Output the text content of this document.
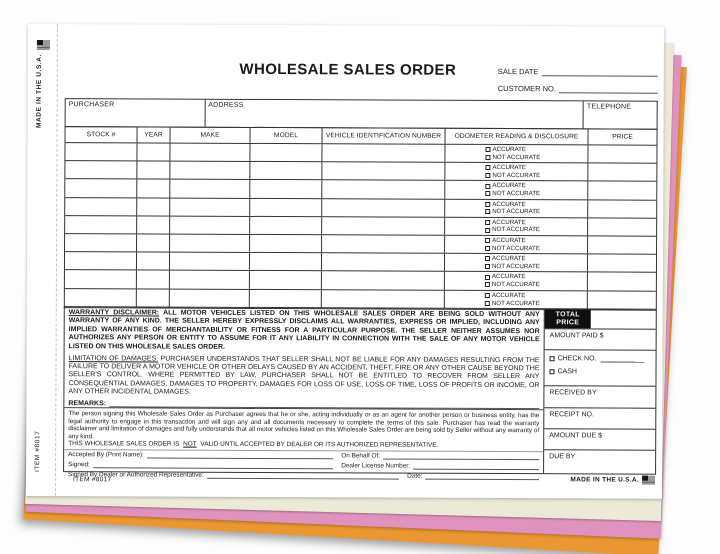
MADE IN THE U.S.A.
ITEM #8017
WHOLESALE SALES ORDER	SALE DATE
CUSTOMER NO.
PURCHASER	ADDRESS	TELEPHONE
STOCK #	YEAR	MAKE	MODEL	VEHICLE IDENTIFICATION NUMBER	ODOMETER READING & DISCLOSURE	PRICE
ACCURATE
NOT ACCURATE
ACCURATE
NOT ACCURATE
ACCURATE
NOT ACCURATE
ACCURATE
NOT ACCURATE
ACCURATE
NOT ACCURATE
ACCURATE
NOT ACCURATE
ACCURATE
NOT ACCURATE
ACCURATE
NOT ACCURATE
ACCURATE
NOT ACCURATE
WARRANTY DISCLAIMER: ALL MOTOR VEHICLES LISTED ON THIS WHOLESALE SALES ORDER ARE BEING SOLD WITHOUT ANY WARRANTY OF ANY KIND. THE SELLER HEREBY EXPRESSLY DISCLAIMS ALL WARRANTIES, EXPRESS OR IMPLIED, INCLUDING ANY IMPLIED WARRANTIES OF MERCHANTABILITY OR FITNESS FOR A PARTICULAR PURPOSE. THE SELLER NEITHER ASSUMES NOR AUTHORIZES ANY PERSON OR ENTITY TO ASSUME FOR IT ANY LIABILITY IN CONNECTION WITH THE SALE OF ANY MOTOR VEHICLE LISTED ON THIS WHOLESALE SALES ORDER.
LIMITATION OF DAMAGES: PURCHASER UNDERSTANDS THAT SELLER SHALL NOT BE LIABLE FOR ANY DAMAGES RESULTING FROM THE FAILURE TO DELIVER A MOTOR VEHICLE OR OTHER DELAYS CAUSED BY AN ACCIDENT, THEFT, FIRE OR ANY OTHER CAUSE BEYOND THE SELLER'S CONTROL. WHERE PERMITTED BY LAW, PURCHASER SHALL NOT BE ENTITLED TO RECOVER FROM SELLER ANY CONSEQUENTIAL DAMAGES, DAMAGES TO PROPERTY, DAMAGES FOR LOSS OF USE, LOSS OF TIME, LOSS OF PROFITS OR INCOME, OR ANY OTHER INCIDENTAL DAMAGES.
REMARKS:
The person signing this Wholesale Sales Order as Purchaser agrees that he or she, acting individually or as an agent for another person or business entity, has the legal authority to engage in this transaction and will sign any and all documents necessary to complete the terms of this sale. Purchaser has read the warranty disclaimer and limitation of damages and fully understands that all motor vehicles listed on this Wholesale Sales Order are being sold by Seller without any warranty of any kind.
THIS WHOLESALE SALES ORDER IS NOT VALID UNTIL ACCEPTED BY DEALER OR ITS AUTHORIZED REPRESENTATIVE.
Accepted By (Print Name):	On Behalf Of:
Signed:	Dealer License Number:
Signed By Dealer or Authorized Representative:	Date:
TOTAL
PRICE
AMOUNT PAID $
CHECK NO.
CASH
RECEIVED BY
RECEIPT NO.
AMOUNT DUE $
DUE BY
ITEM #8017	MADE IN THE U.S.A.
